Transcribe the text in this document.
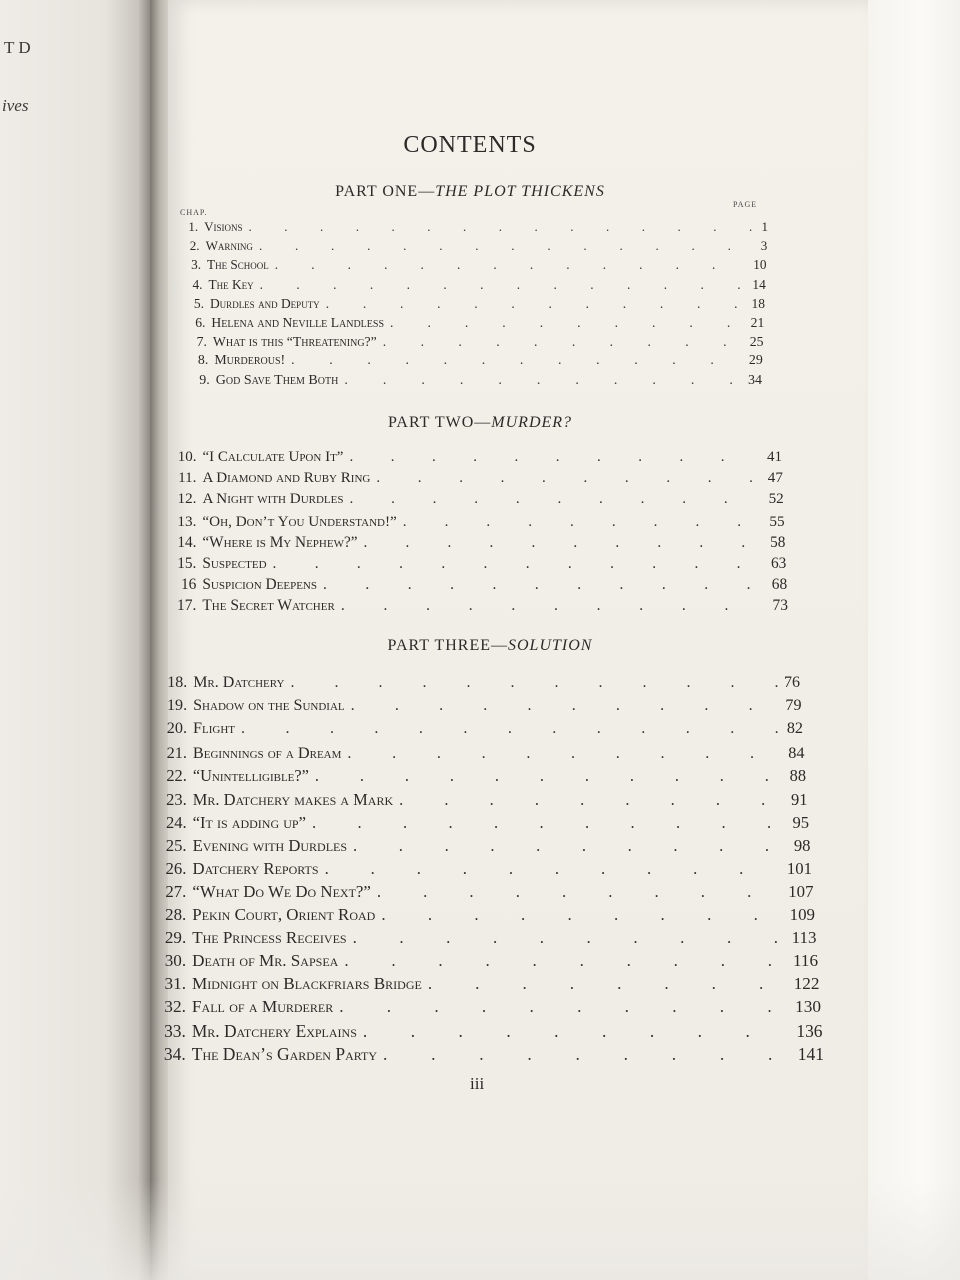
T D
ives
CONTENTS
PART ONE—THE PLOT THICKENS
CHAP.
PAGE
PART TWO—MURDER?
PART THREE—SOLUTION
1. Visions .	1
2. Warning .	3
3. The School .	10
4. The Key .	14
5. Durdles and Deputy .	18
6. Helena and Neville Landless .	21
7. What is this “Threatening?” .	25
8. Murderous! .	29
9. God Save Them Both .	34
10. “I Calculate Upon It” .	41
11. A Diamond and Ruby Ring .	47
12. A Night with Durdles .	52
13. “Oh, Don’t You Understand!” .	55
14. “Where is My Nephew?” .	58
15. Suspected .	63
16 Suspicion Deepens .	68
17. The Secret Watcher .	73
18. Mr. Datchery .	76
19. Shadow on the Sundial .	79
20. Flight .	82
21. Beginnings of a Dream .	84
22. “Unintelligible?” .	88
23. Mr. Datchery makes a Mark .	91
24. “It is adding up” .	95
25. Evening with Durdles .	98
26. Datchery Reports .	101
27. “What Do We Do Next?” .	107
28. Pekin Court, Orient Road .	109
29. The Princess Receives .	113
30. Death of Mr. Sapsea .	116
31. Midnight on Blackfriars Bridge .	122
32. Fall of a Murderer .	130
33. Mr. Datchery Explains .	136
34. The Dean’s Garden Party .	141
iii
